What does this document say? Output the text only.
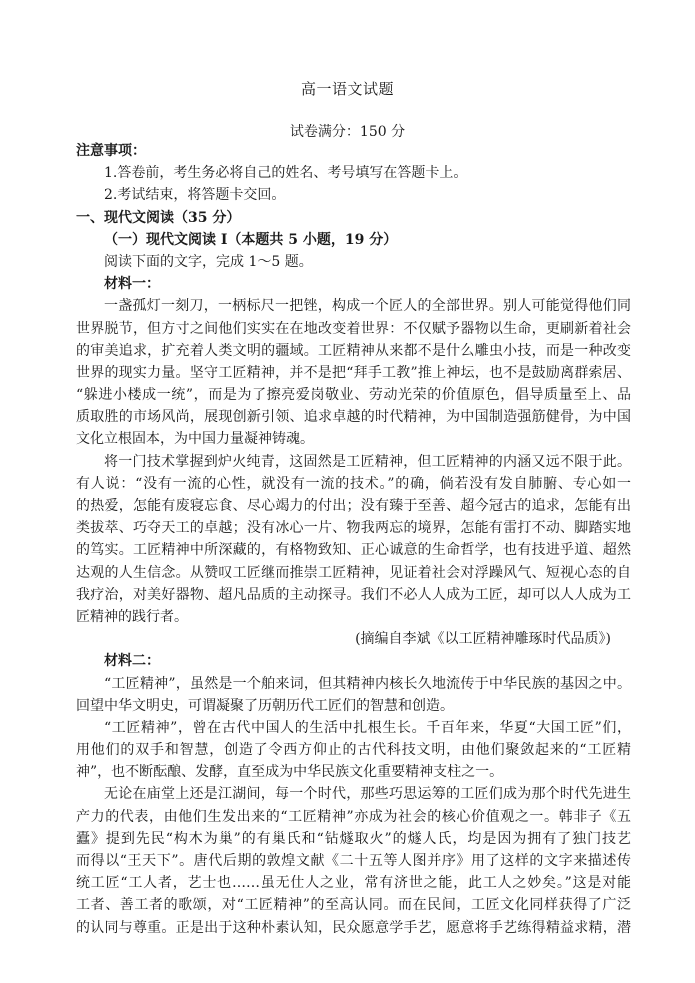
高一语文试题
试卷满分：150 分
注意事项：
1.答卷前，考生务必将自己的姓名、考号填写在答题卡上。
2.考试结束，将答题卡交回。
一、现代文阅读（35 分）
（一）现代文阅读 I（本题共 5 小题，19 分）
阅读下面的文字，完成 1～5 题。
材料一：
一盏孤灯一刻刀，一柄标尺一把锉，构成一个匠人的全部世界。别人可能觉得他们同
世界脱节，但方寸之间他们实实在在地改变着世界：不仅赋予器物以生命，更刷新着社会
的审美追求，扩充着人类文明的疆域。工匠精神从来都不是什么雕虫小技，而是一种改变
世界的现实力量。坚守工匠精神，并不是把“拜手工教”推上神坛，也不是鼓励离群索居、
“躲进小楼成一统”，而是为了擦亮爱岗敬业、劳动光荣的价值原色，倡导质量至上、品
质取胜的市场风尚，展现创新引领、追求卓越的时代精神，为中国制造强筋健骨，为中国
文化立根固本，为中国力量凝神铸魂。
将一门技术掌握到炉火纯青，这固然是工匠精神，但工匠精神的内涵又远不限于此。
有人说：“没有一流的心性，就没有一流的技术。”的确，倘若没有发自肺腑、专心如一
的热爱，怎能有废寝忘食、尽心竭力的付出；没有臻于至善、超今冠古的追求，怎能有出
类拔萃、巧夺天工的卓越；没有冰心一片、物我两忘的境界，怎能有雷打不动、脚踏实地
的笃实。工匠精神中所深藏的，有格物致知、正心诚意的生命哲学，也有技进乎道、超然
达观的人生信念。从赞叹工匠继而推崇工匠精神，见证着社会对浮躁风气、短视心态的自
我疗治，对美好器物、超凡品质的主动探寻。我们不必人人成为工匠，却可以人人成为工
匠精神的践行者。
(摘编自李斌《以工匠精神雕琢时代品质》)
材料二：
“工匠精神”，虽然是一个舶来词，但其精神内核长久地流传于中华民族的基因之中。
回望中华文明史，可谓凝聚了历朝历代工匠们的智慧和创造。
“工匠精神”，曾在古代中国人的生活中扎根生长。千百年来，华夏“大国工匠”们，
用他们的双手和智慧，创造了令西方仰止的古代科技文明，由他们聚敛起来的“工匠精
神”，也不断酝酿、发酵，直至成为中华民族文化重要精神支柱之一。
无论在庙堂上还是江湖间，每一个时代，那些巧思运筹的工匠们成为那个时代先进生
产力的代表，由他们生发出来的“工匠精神”亦成为社会的核心价值观之一。韩非子《五
蠹》提到先民“构木为巢”的有巢氏和“钻燧取火”的燧人氏，均是因为拥有了独门技艺
而得以“王天下”。唐代后期的敦煌文献《二十五等人图并序》用了这样的文字来描述传
统工匠“工人者，艺士也……虽无仕人之业，常有济世之能，此工人之妙矣。”这是对能
工者、善工者的歌颂，对“工匠精神”的至高认同。而在民间，工匠文化同样获得了广泛
的认同与尊重。正是出于这种朴素认知，民众愿意学手艺，愿意将手艺练得精益求精，潜
